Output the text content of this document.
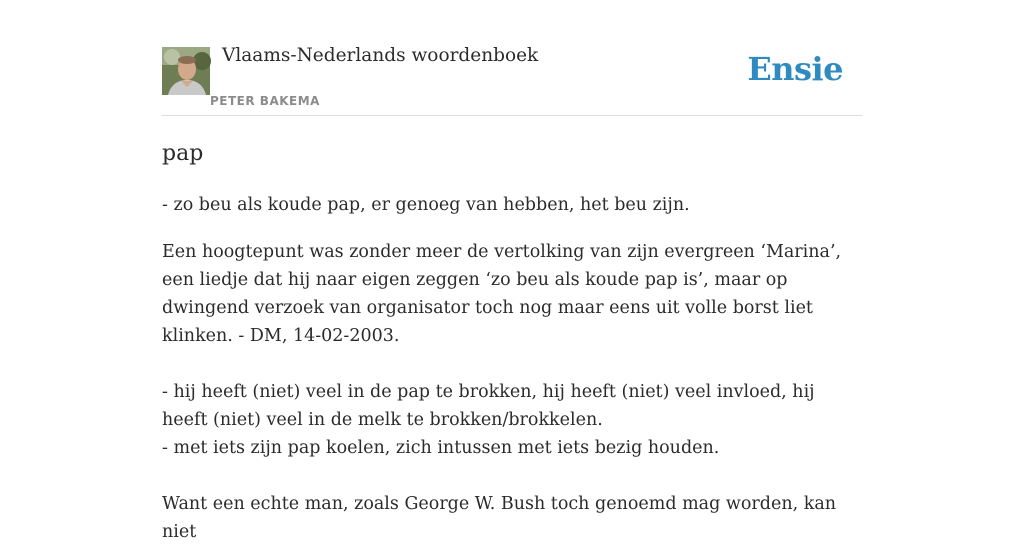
Vlaams-Nederlands woordenboek
PETER BAKEMA
Ensie
pap

- zo beu als koude pap, er genoeg van hebben, het beu zijn.

Een hoogtepunt was zonder meer de vertolking van zijn evergreen ‘Marina’, een liedje dat hij naar eigen zeggen ‘zo beu als koude pap is’, maar op dwingend verzoek van organisator toch nog maar eens uit volle borst liet klinken. - DM, 14-02-2003.

- hij heeft (niet) veel in de pap te brokken, hij heeft (niet) veel invloed, hij heeft (niet) veel in de melk te brokken/brokkelen.
- met iets zijn pap koelen, zich intussen met iets bezig houden.

Want een echte man, zoals George W. Bush toch genoemd mag worden, kan niet
